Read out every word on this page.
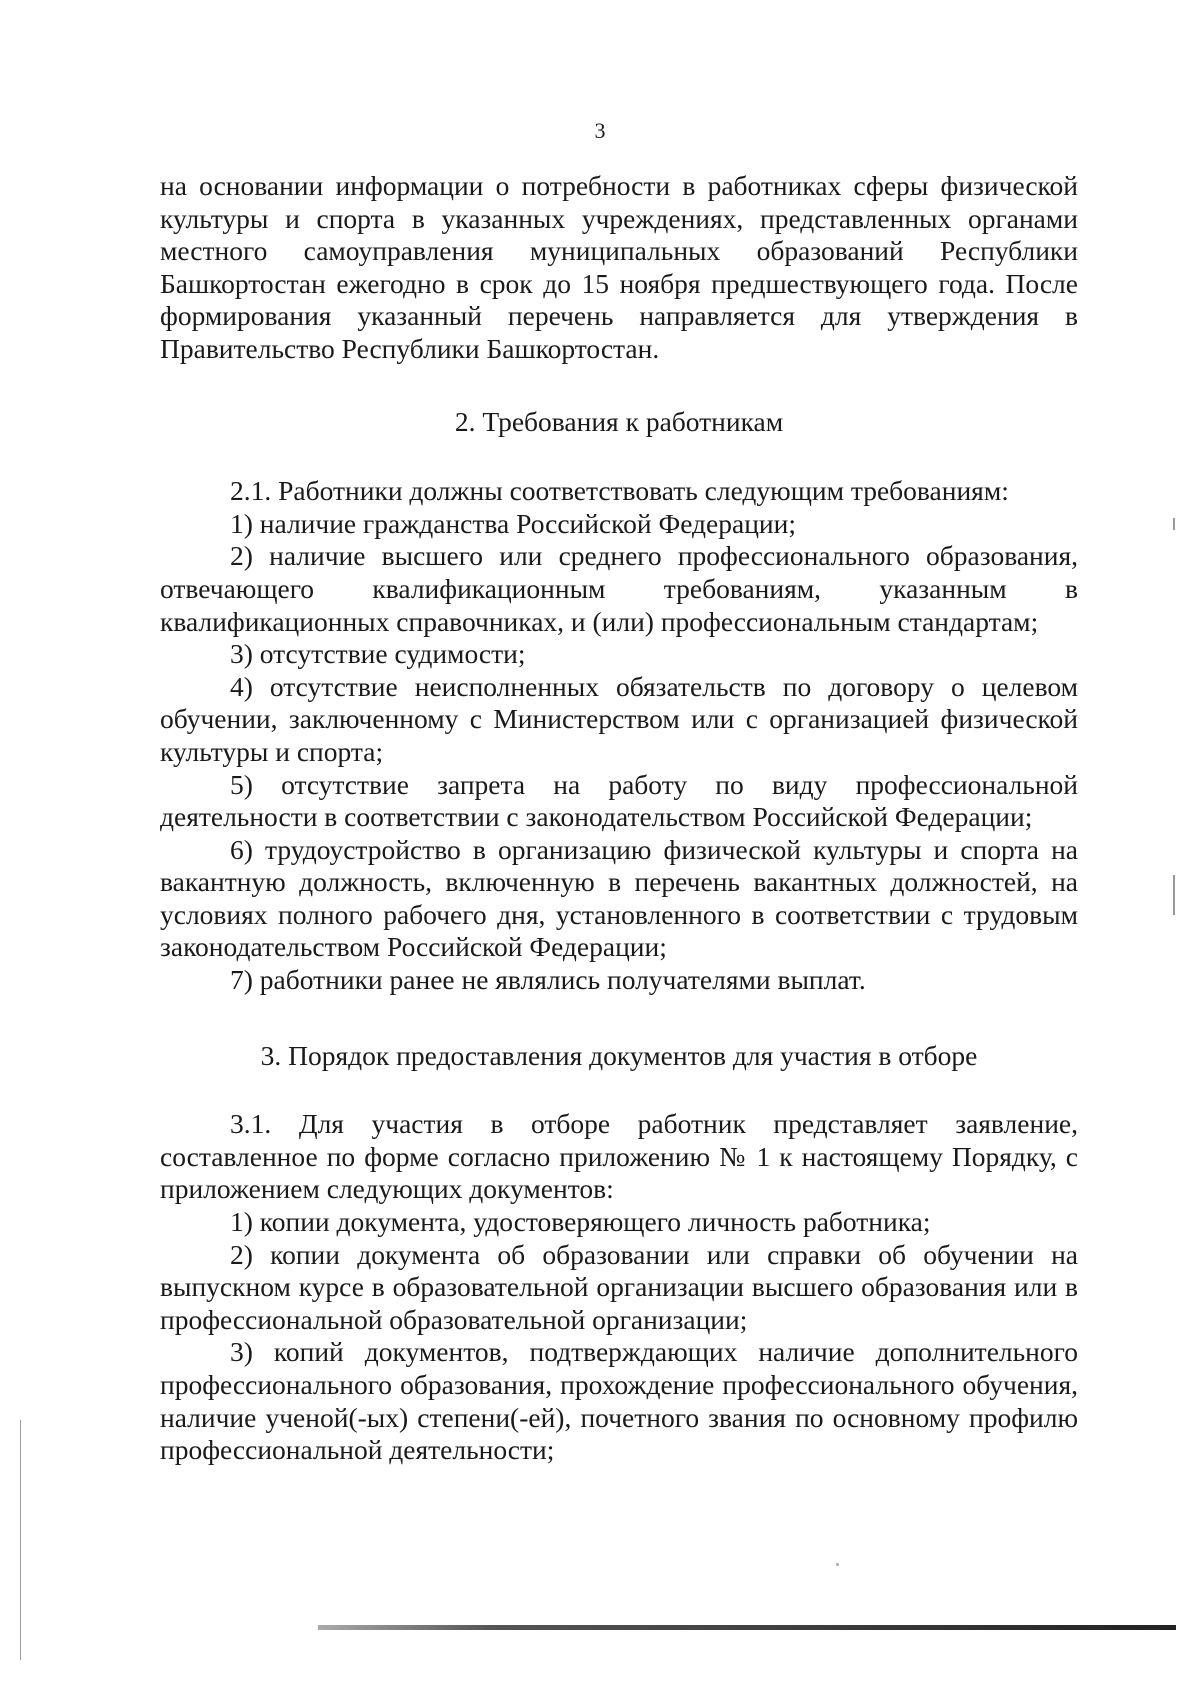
3

на основании информации о потребности в работниках сферы физической культуры и спорта в указанных учреждениях, представленных органами местного самоуправления муниципальных образований Республики Башкортостан ежегодно в срок до 15 ноября предшествующего года. После формирования указанный перечень направляется для утверждения в Правительство Республики Башкортостан.

2. Требования к работникам

2.1. Работники должны соответствовать следующим требованиям:

1) наличие гражданства Российской Федерации;

2) наличие высшего или среднего профессионального образования, отвечающего квалификационным требованиям, указанным в квалификационных справочниках, и (или) профессиональным стандартам;

3) отсутствие судимости;

4) отсутствие неисполненных обязательств по договору о целевом обучении, заключенному с Министерством или с организацией физической культуры и спорта;

5) отсутствие запрета на работу по виду профессиональной деятельности в соответствии с законодательством Российской Федерации;

6) трудоустройство в организацию физической культуры и спорта на вакантную должность, включенную в перечень вакантных должностей, на условиях полного рабочего дня, установленного в соответствии с трудовым законодательством Российской Федерации;

7) работники ранее не являлись получателями выплат.

3. Порядок предоставления документов для участия в отборе

3.1. Для участия в отборе работник представляет заявление, составленное по форме согласно приложению № 1 к настоящему Порядку, с приложением следующих документов:

1) копии документа, удостоверяющего личность работника;

2) копии документа об образовании или справки об обучении на выпускном курсе в образовательной организации высшего образования или в профессиональной образовательной организации;

3) копий документов, подтверждающих наличие дополнительного профессионального образования, прохождение профессионального обучения, наличие ученой(-ых) степени(-ей), почетного звания по основному профилю профессиональной деятельности;
